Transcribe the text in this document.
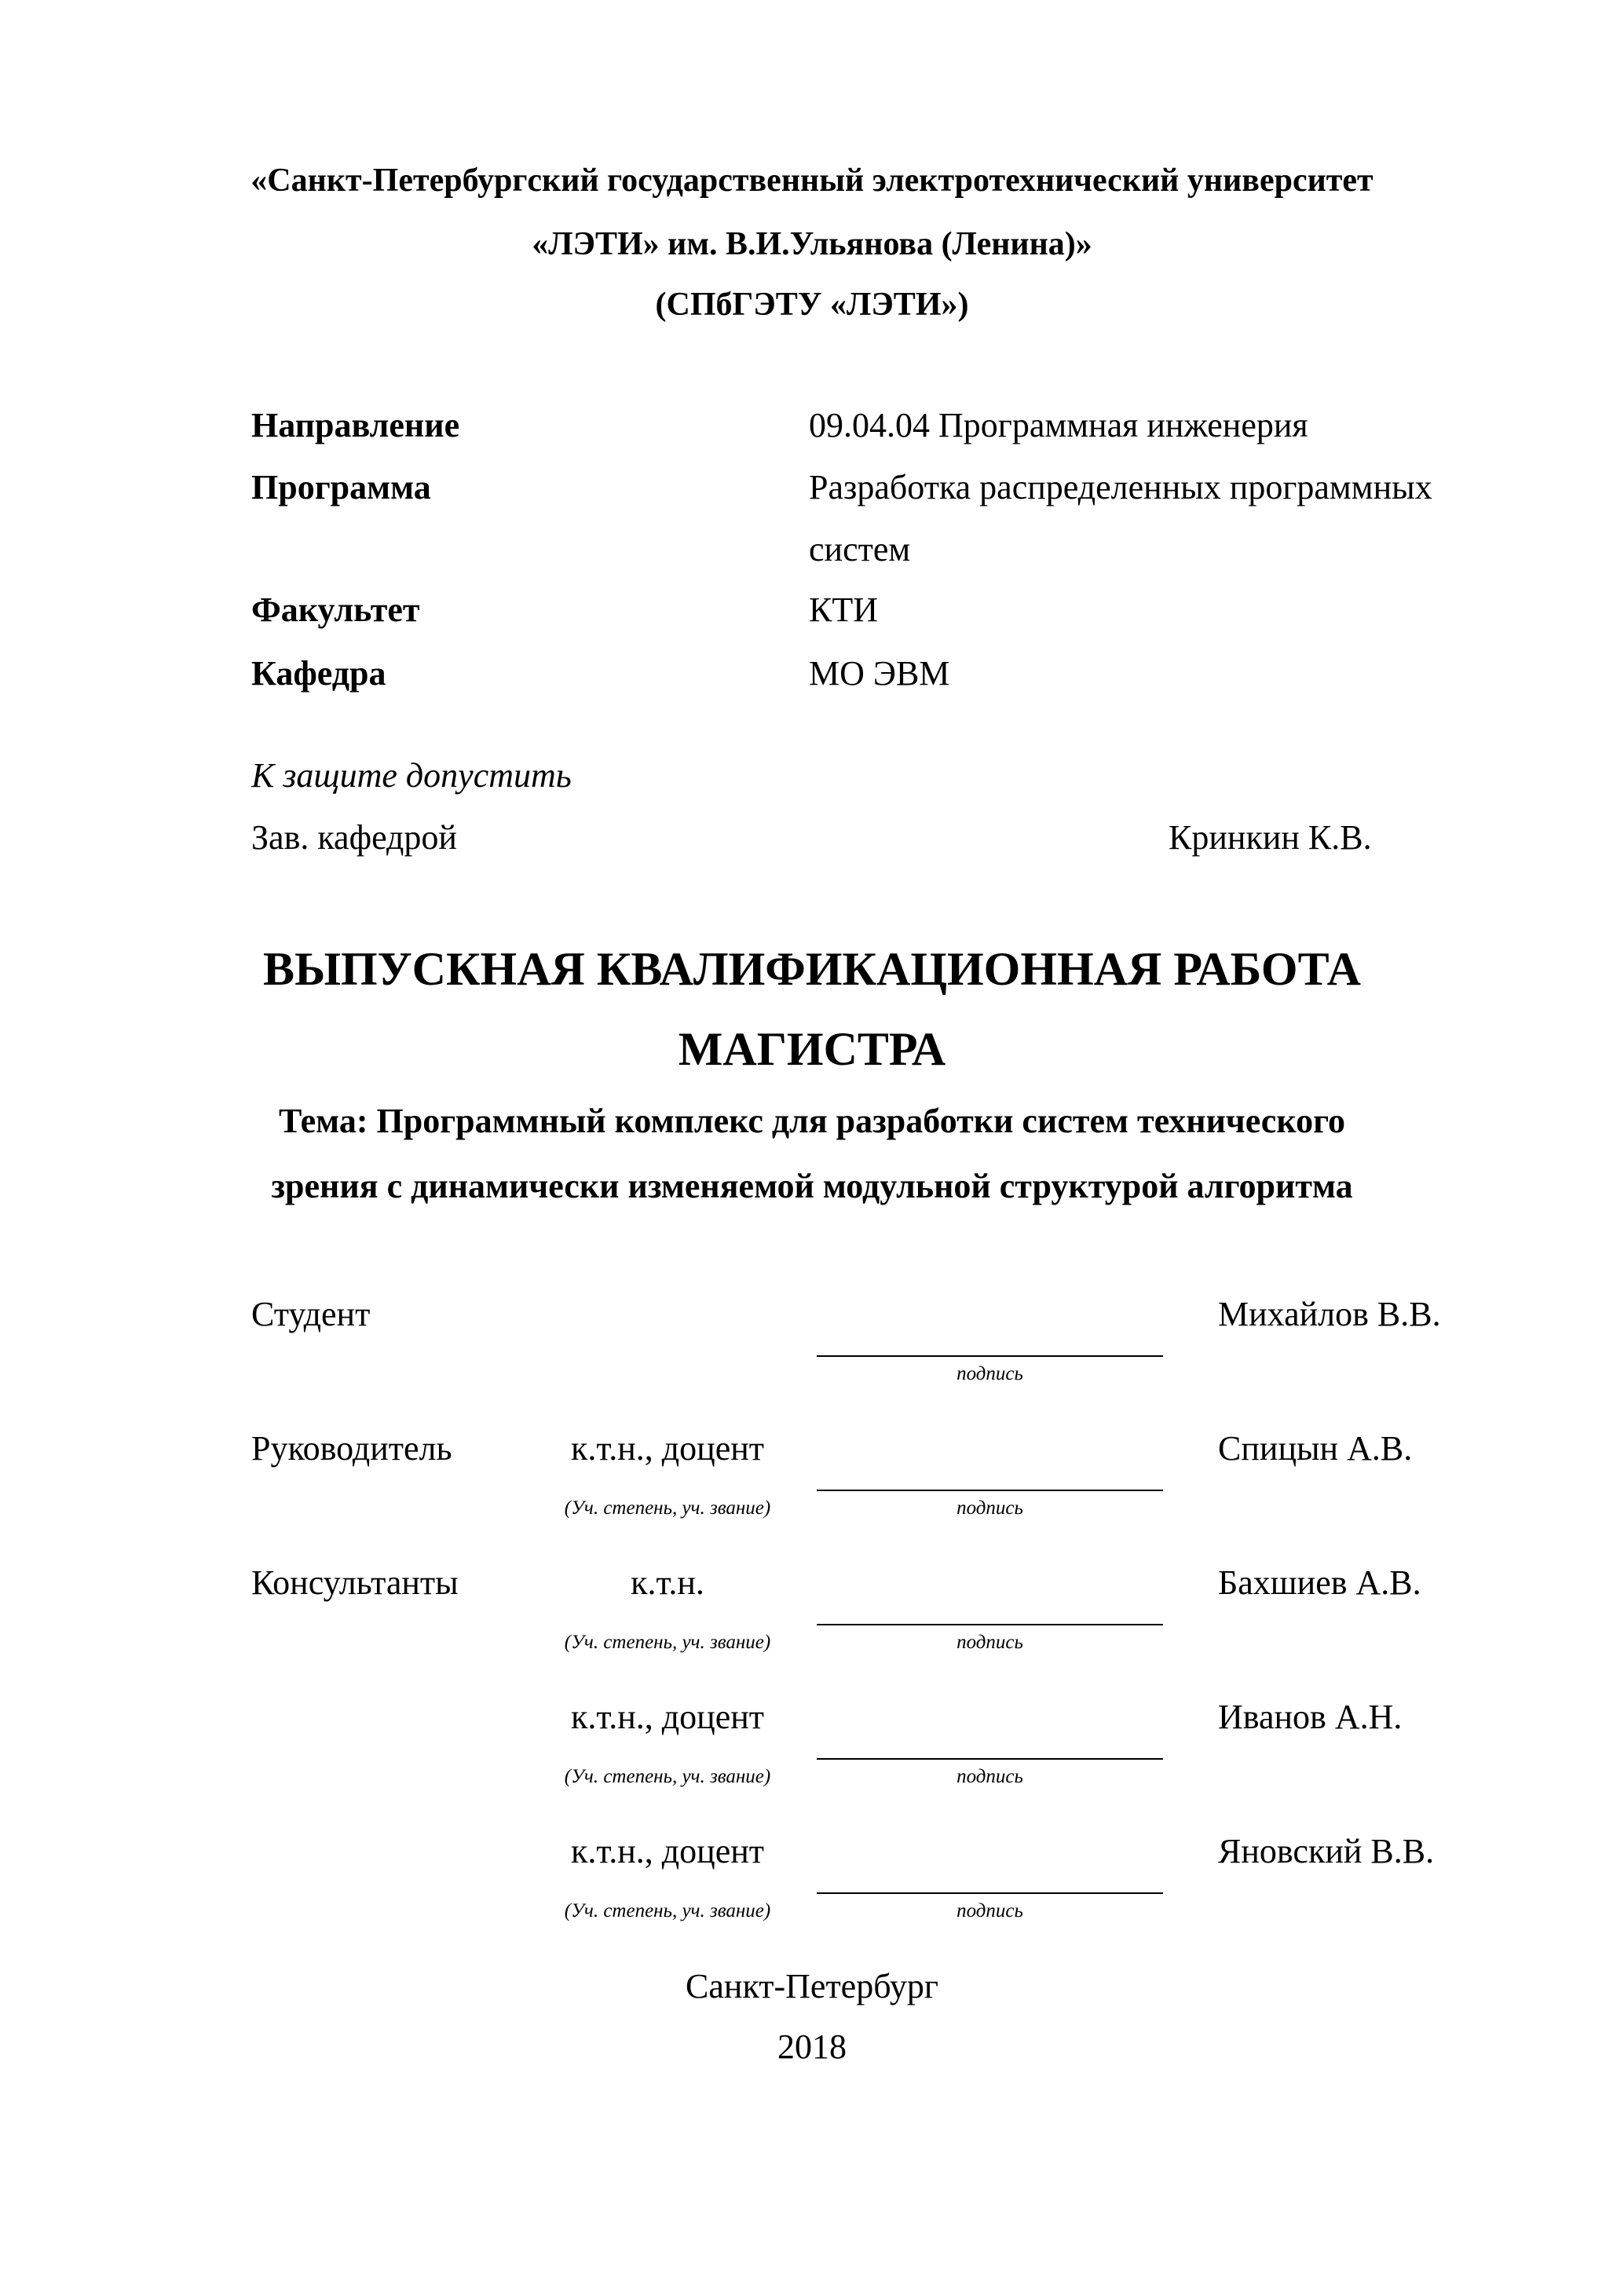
«Санкт-Петербургский государственный электротехнический университет
«ЛЭТИ» им. В.И.Ульянова (Ленина)»
(СПбГЭТУ «ЛЭТИ»)
Направление	09.04.04 Программная инженерия
Программа	Разработка распределенных программных
систем
Факультет	КТИ
Кафедра	МО ЭВМ
К защите допустить
Зав. кафедрой	Кринкин К.В.
ВЫПУСКНАЯ КВАЛИФИКАЦИОННАЯ РАБОТА
МАГИСТРА
Тема: Программный комплекс для разработки систем технического
зрения с динамически изменяемой модульной структурой алгоритма
Студент	Михайлов В.В.
подпись
Руководитель	к.т.н., доцент	Спицын А.В.
(Уч. степень, уч. звание)	подпись
Консультанты	к.т.н.	Бахшиев А.В.
(Уч. степень, уч. звание)	подпись
к.т.н., доцент	Иванов А.Н.
(Уч. степень, уч. звание)	подпись
к.т.н., доцент	Яновский В.В.
(Уч. степень, уч. звание)	подпись
Санкт-Петербург
2018
